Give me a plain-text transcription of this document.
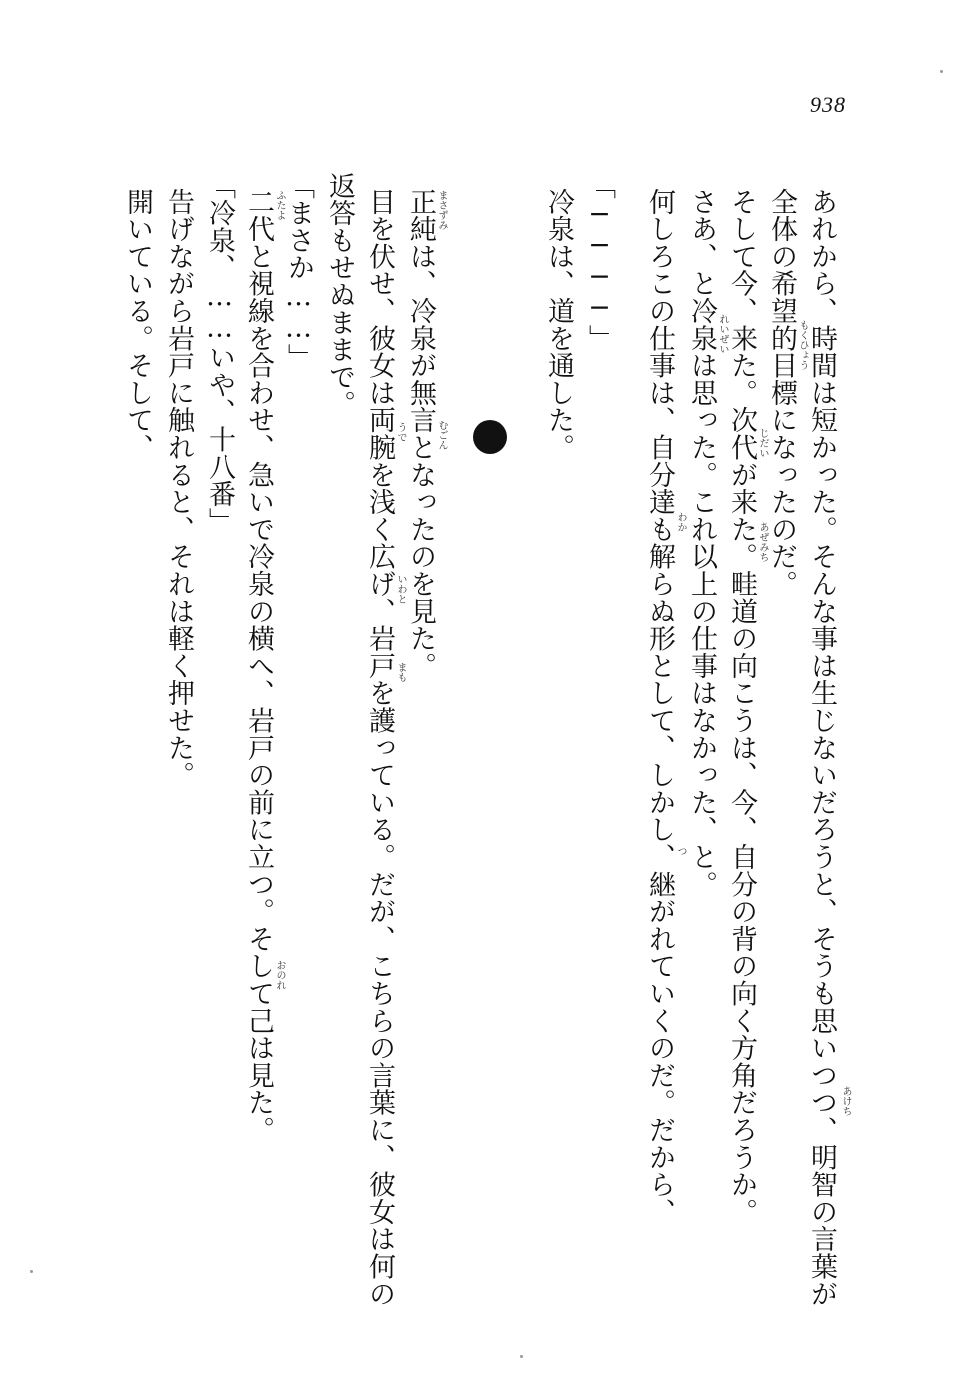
938

あれから、時間は短かった。そんな事は生じないだろうと、そうも思いつつ、明智の言葉が

全体の希望的目標になったのだ。

そして今、来た。次代が来た。畦道の向こうは、今、自分の背の向く方角だろうか。

さあ、と冷泉は思った。これ以上の仕事はなかった、と。

何しろこの仕事は、自分達も解らぬ形として、しかし、継がれていくのだ。だから、

「────」

冷泉は、道を通した。

正純は、冷泉が無言となったのを見た。

目を伏せ、彼女は両腕を浅く広げ、岩戸を護っている。だが、こちらの言葉に、彼女は何の

返答もせぬままで。

「まさか……」

二代と視線を合わせ、急いで冷泉の横へ、岩戸の前に立つ。そして己は見た。

「冷泉、……いや、十八番」

告げながら岩戸に触れると、それは軽く押せた。

開いている。そして、

あけち
もくひょう
じだい
あぜみち
れいぜい
わか
つ
まさずみ
むごん
うで
いわと
まも
ふたよ
おのれ
